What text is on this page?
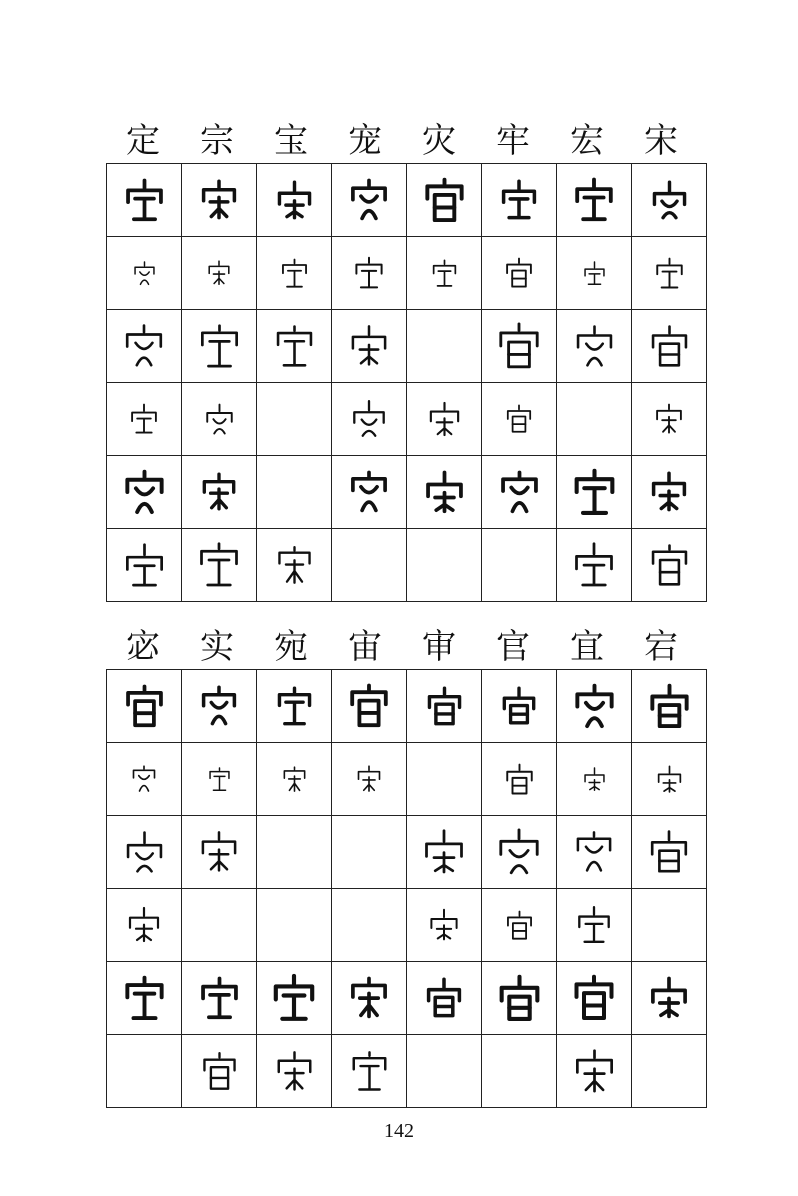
定	宗	宝	宠	灾	牢	宏	宋

宓	实	宛	宙	审	官	宜	宕

142
